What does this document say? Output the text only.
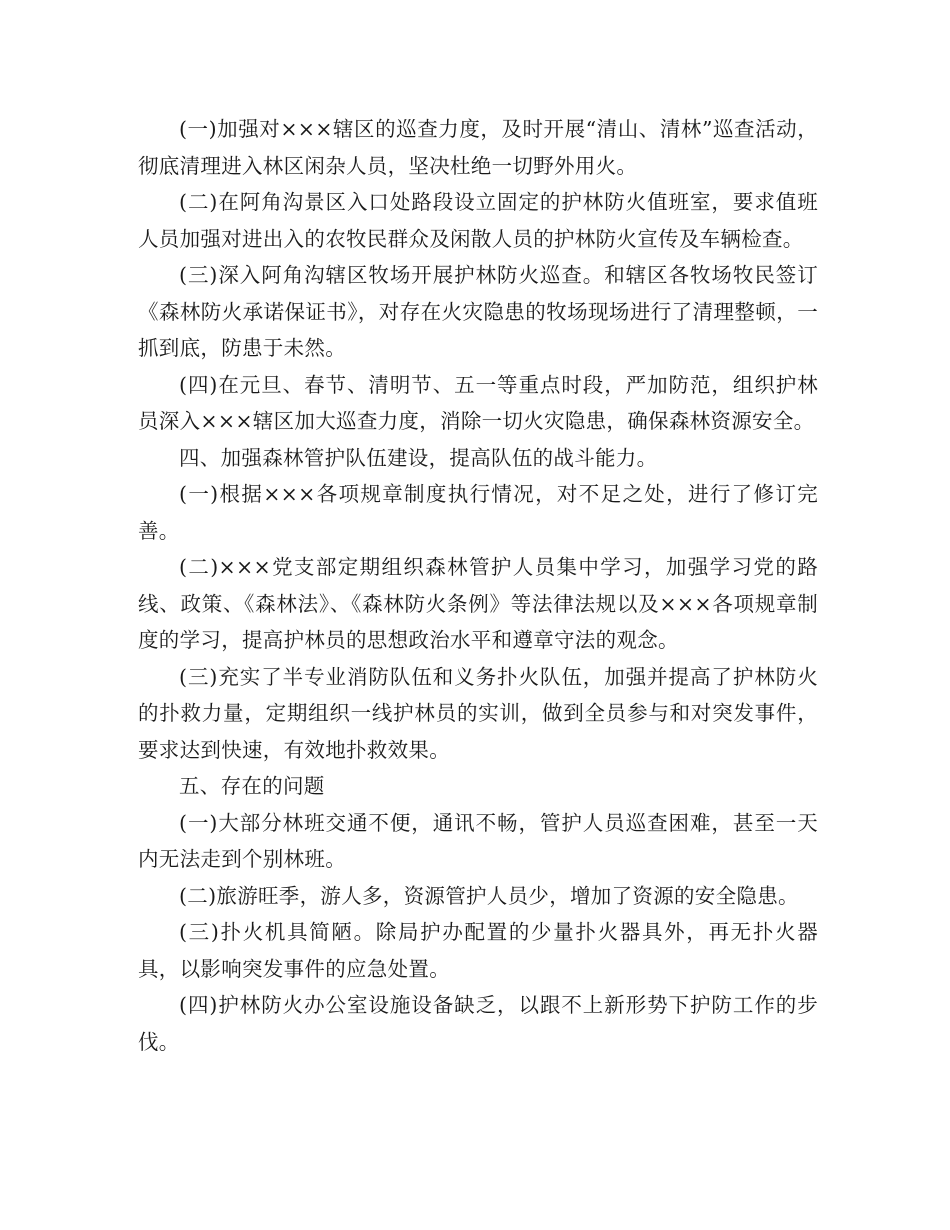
(一)加强对×××辖区的巡查力度，及时开展“清山、清林”巡查活动，彻底清理进入林区闲杂人员，坚决杜绝一切野外用火。

(二)在阿角沟景区入口处路段设立固定的护林防火值班室，要求值班人员加强对进出入的农牧民群众及闲散人员的护林防火宣传及车辆检查。

(三)深入阿角沟辖区牧场开展护林防火巡查。和辖区各牧场牧民签订《森林防火承诺保证书》，对存在火灾隐患的牧场现场进行了清理整顿，一抓到底，防患于未然。

(四)在元旦、春节、清明节、五一等重点时段，严加防范，组织护林员深入×××辖区加大巡查力度，消除一切火灾隐患，确保森林资源安全。

四、加强森林管护队伍建设，提高队伍的战斗能力。

(一)根据×××各项规章制度执行情况，对不足之处，进行了修订完善。

(二)×××党支部定期组织森林管护人员集中学习，加强学习党的路线、政策、《森林法》、《森林防火条例》等法律法规以及×××各项规章制度的学习，提高护林员的思想政治水平和遵章守法的观念。

(三)充实了半专业消防队伍和义务扑火队伍，加强并提高了护林防火的扑救力量，定期组织一线护林员的实训，做到全员参与和对突发事件，要求达到快速，有效地扑救效果。

五、存在的问题

(一)大部分林班交通不便，通讯不畅，管护人员巡查困难，甚至一天内无法走到个别林班。

(二)旅游旺季，游人多，资源管护人员少，增加了资源的安全隐患。

(三)扑火机具简陋。除局护办配置的少量扑火器具外，再无扑火器具，以影响突发事件的应急处置。

(四)护林防火办公室设施设备缺乏，以跟不上新形势下护防工作的步伐。
